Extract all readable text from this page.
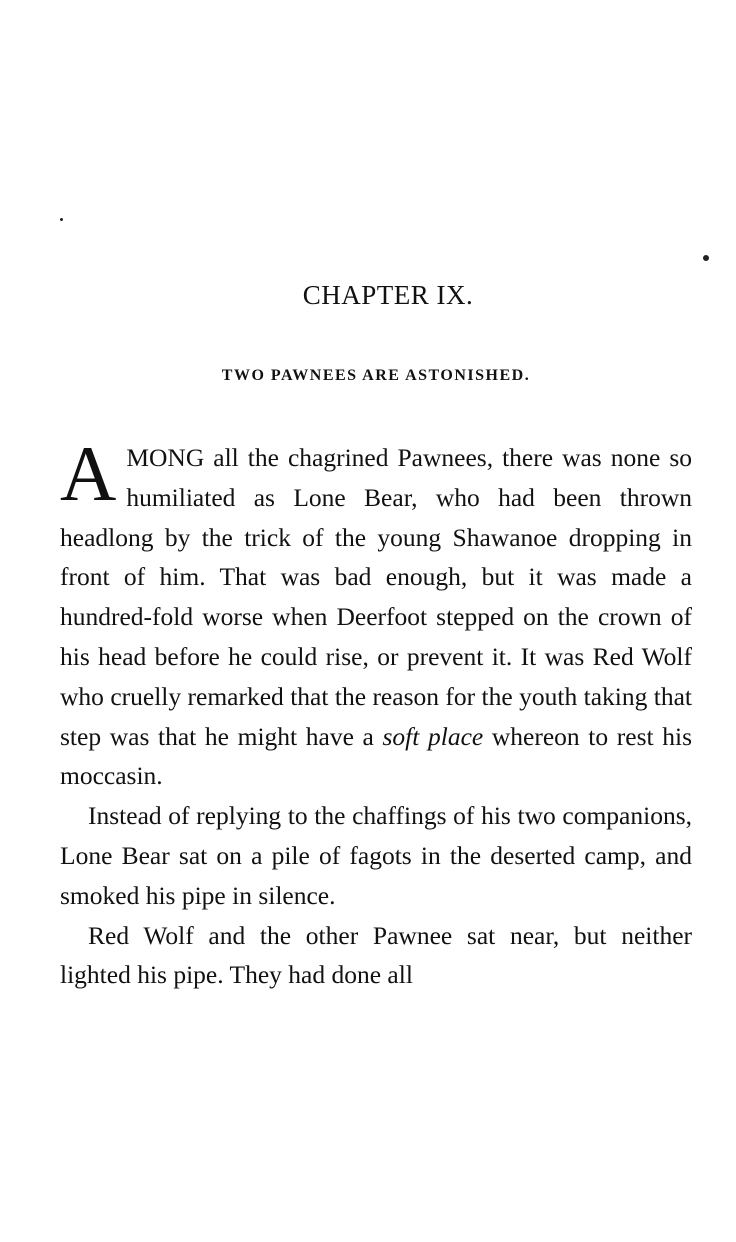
CHAPTER IX.
TWO PAWNEES ARE ASTONISHED.

AMONG all the chagrined Pawnees, there was none so humiliated as Lone Bear, who had been thrown headlong by the trick of the young Shawanoe dropping in front of him. That was bad enough, but it was made a hundred-fold worse when Deerfoot stepped on the crown of his head before he could rise, or prevent it. It was Red Wolf who cruelly remarked that the reason for the youth taking that step was that he might have a soft place whereon to rest his moccasin.

Instead of replying to the chaffings of his two companions, Lone Bear sat on a pile of fagots in the deserted camp, and smoked his pipe in silence.

Red Wolf and the other Pawnee sat near, but neither lighted his pipe. They had done all
